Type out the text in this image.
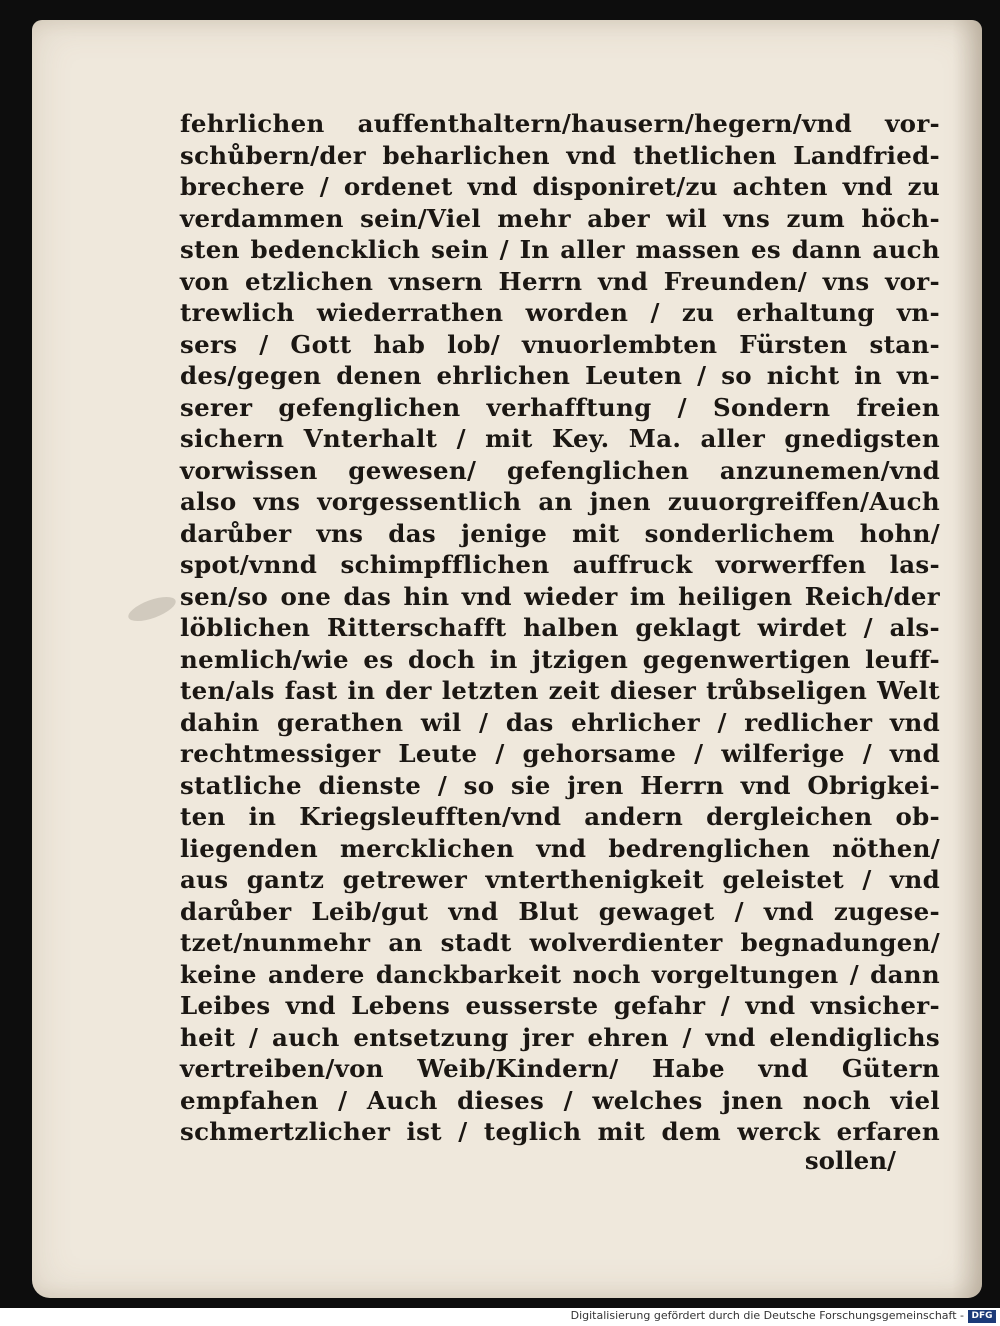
fehrlichen auffenthaltern/hausern/hegern/vnd vor-
schůbern/der beharlichen vnd thetlichen Landfried-
brechere / ordenet vnd disponiret/zu achten vnd zu
verdammen sein/Viel mehr aber wil vns zum höch-
sten bedencklich sein / In aller massen es dann auch
von etzlichen vnsern Herrn vnd Freunden/ vns vor-
trewlich wiederrathen worden / zu erhaltung vn-
sers / Gott hab lob/ vnuorlembten Fürsten stan-
des/gegen denen ehrlichen Leuten / so nicht in vn-
serer gefenglichen verhafftung / Sondern freien
sichern Vnterhalt / mit Key. Ma. aller gnedigsten
vorwissen gewesen/ gefenglichen anzunemen/vnd
also vns vorgessentlich an jnen zuuorgreiffen/Auch
darůber vns das jenige mit sonderlichem hohn/
spot/vnnd schimpfflichen auffruck vorwerffen las-
sen/so one das hin vnd wieder im heiligen Reich/der
löblichen Ritterschafft halben geklagt wirdet / als-
nemlich/wie es doch in jtzigen gegenwertigen leuff-
ten/als fast in der letzten zeit dieser trůbseligen Welt
dahin gerathen wil / das ehrlicher / redlicher vnd
rechtmessiger Leute / gehorsame / wilferige / vnd
statliche dienste / so sie jren Herrn vnd Obrigkei-
ten in Kriegsleufften/vnd andern dergleichen ob-
liegenden mercklichen vnd bedrenglichen nöthen/
aus gantz getrewer vnterthenigkeit geleistet / vnd
darůber Leib/gut vnd Blut gewaget / vnd zugese-
tzet/nunmehr an stadt wolverdienter begnadungen/
keine andere danckbarkeit noch vorgeltungen / dann
Leibes vnd Lebens eusserste gefahr / vnd vnsicher-
heit / auch entsetzung jrer ehren / vnd elendiglichs
vertreiben/von Weib/Kindern/ Habe vnd Gütern
empfahen / Auch dieses / welches jnen noch viel
schmertzlicher ist / teglich mit dem werck erfaren
sollen/
Digitalisierung gefördert durch die Deutsche Forschungsgemeinschaft - DFG
